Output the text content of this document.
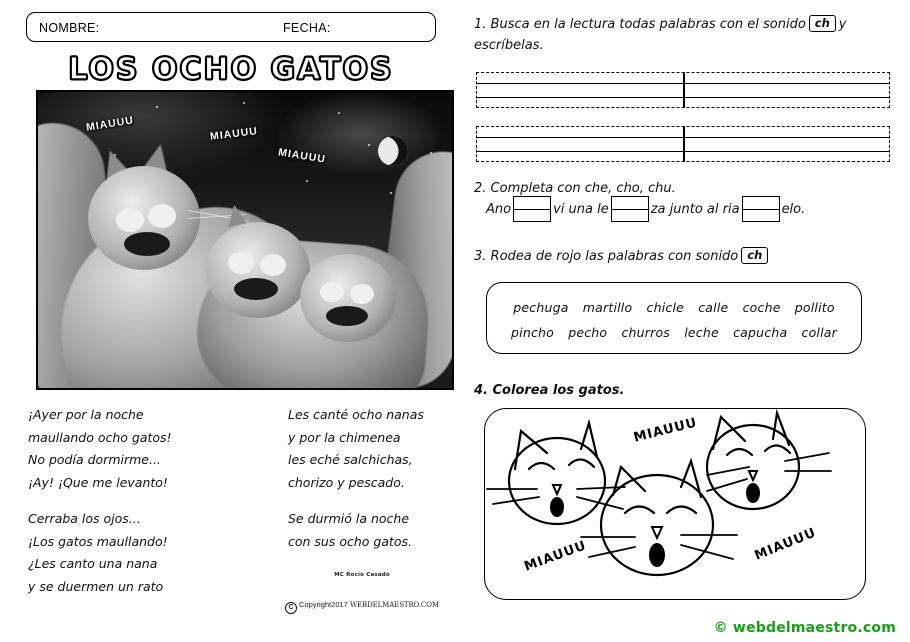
NOMBRE:	FECHA:
LOS OCHO GATOS
MIAUUU
MIAUUU
MIAUUU
¡Ayer por la noche
maullando ocho gatos!
No podía dormirme...
¡Ay! ¡Que me levanto!
Cerraba los ojos...
¡Los gatos maullando!
¿Les canto una nana
y se duermen un rato
Les canté ocho nanas
y por la chimenea
les eché salchichas,
chorizo y pescado.
Se durmió la noche
con sus ocho gatos.
MC Rocío Casado
C Copyright2017 WEBDELMAESTRO.COM
1. Busca en la lectura todas palabras con el sonido ch y escríbelas.
2. Completa con che, cho, chu.
Ano	vi una le	za junto al ria	elo.
3. Rodea de rojo las palabras con sonido ch
pechuga martillo chicle calle coche pollito
pincho pecho churros leche capucha collar
4. Colorea los gatos.
MIAUUU
MIAUUU	MIAUUU
© webdelmaestro.com
